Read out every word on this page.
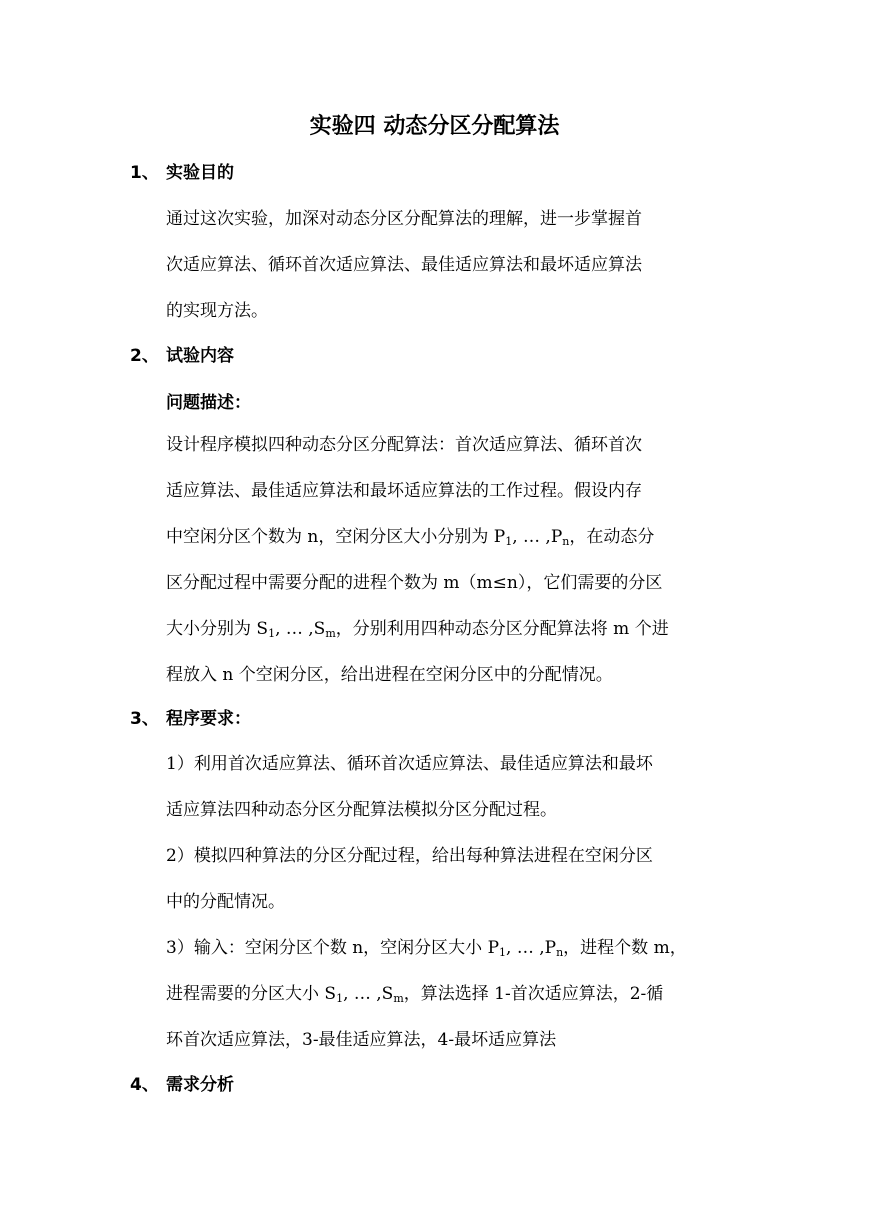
实验四 动态分区分配算法
1、 实验目的
通过这次实验，加深对动态分区分配算法的理解，进一步掌握首
次适应算法、循环首次适应算法、最佳适应算法和最坏适应算法
的实现方法。
2、 试验内容
问题描述：
设计程序模拟四种动态分区分配算法：首次适应算法、循环首次
适应算法、最佳适应算法和最坏适应算法的工作过程。假设内存
中空闲分区个数为 n，空闲分区大小分别为 $P_1$, … $,P_n$，在动态分
区分配过程中需要分配的进程个数为 m（m≤n），它们需要的分区
大小分别为 $S_1$, … $,S_m$，分别利用四种动态分区分配算法将 m 个进
程放入 n 个空闲分区，给出进程在空闲分区中的分配情况。
3、 程序要求：
1）利用首次适应算法、循环首次适应算法、最佳适应算法和最坏
适应算法四种动态分区分配算法模拟分区分配过程。
2）模拟四种算法的分区分配过程，给出每种算法进程在空闲分区
中的分配情况。
3）输入：空闲分区个数 n，空闲分区大小 $P_1$, … $,P_n$，进程个数 m，
进程需要的分区大小 $S_1$, … $,S_m$，算法选择 1-首次适应算法，2-循
环首次适应算法，3-最佳适应算法，4-最坏适应算法
4、 需求分析
